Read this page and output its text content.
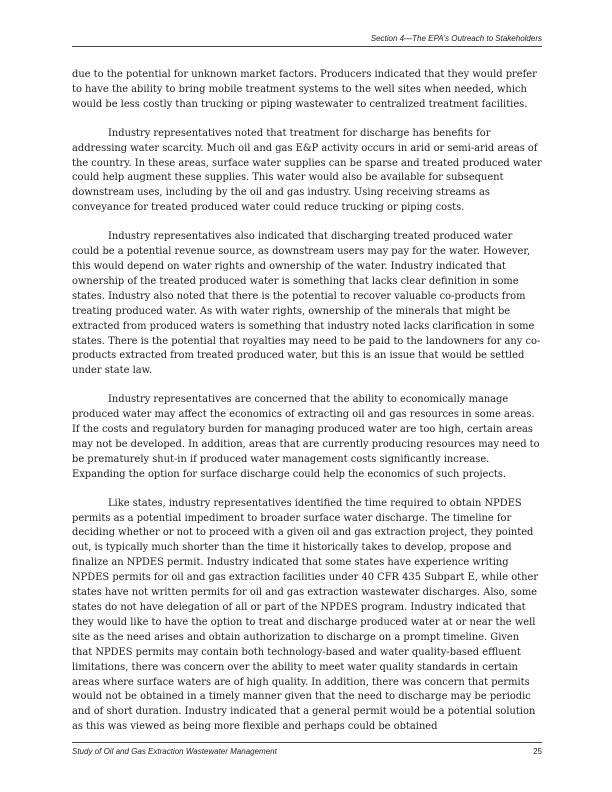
Section 4—The EPA's Outreach to Stakeholders

due to the potential for unknown market factors. Producers indicated that they would prefer to have the ability to bring mobile treatment systems to the well sites when needed, which would be less costly than trucking or piping wastewater to centralized treatment facilities.

Industry representatives noted that treatment for discharge has benefits for addressing water scarcity. Much oil and gas E&P activity occurs in arid or semi-arid areas of the country. In these areas, surface water supplies can be sparse and treated produced water could help augment these supplies. This water would also be available for subsequent downstream uses, including by the oil and gas industry. Using receiving streams as conveyance for treated produced water could reduce trucking or piping costs.

Industry representatives also indicated that discharging treated produced water could be a potential revenue source, as downstream users may pay for the water. However, this would depend on water rights and ownership of the water. Industry indicated that ownership of the treated produced water is something that lacks clear definition in some states. Industry also noted that there is the potential to recover valuable co-products from treating produced water. As with water rights, ownership of the minerals that might be extracted from produced waters is something that industry noted lacks clarification in some states. There is the potential that royalties may need to be paid to the landowners for any co-products extracted from treated produced water, but this is an issue that would be settled under state law.

Industry representatives are concerned that the ability to economically manage produced water may affect the economics of extracting oil and gas resources in some areas. If the costs and regulatory burden for managing produced water are too high, certain areas may not be developed. In addition, areas that are currently producing resources may need to be prematurely shut-in if produced water management costs significantly increase. Expanding the option for surface discharge could help the economics of such projects.

Like states, industry representatives identified the time required to obtain NPDES permits as a potential impediment to broader surface water discharge. The timeline for deciding whether or not to proceed with a given oil and gas extraction project, they pointed out, is typically much shorter than the time it historically takes to develop, propose and finalize an NPDES permit. Industry indicated that some states have experience writing NPDES permits for oil and gas extraction facilities under 40 CFR 435 Subpart E, while other states have not written permits for oil and gas extraction wastewater discharges. Also, some states do not have delegation of all or part of the NPDES program. Industry indicated that they would like to have the option to treat and discharge produced water at or near the well site as the need arises and obtain authorization to discharge on a prompt timeline. Given that NPDES permits may contain both technology-based and water quality-based effluent limitations, there was concern over the ability to meet water quality standards in certain areas where surface waters are of high quality. In addition, there was concern that permits would not be obtained in a timely manner given that the need to discharge may be periodic and of short duration. Industry indicated that a general permit would be a potential solution as this was viewed as being more flexible and perhaps could be obtained

Study of Oil and Gas Extraction Wastewater Management	25
